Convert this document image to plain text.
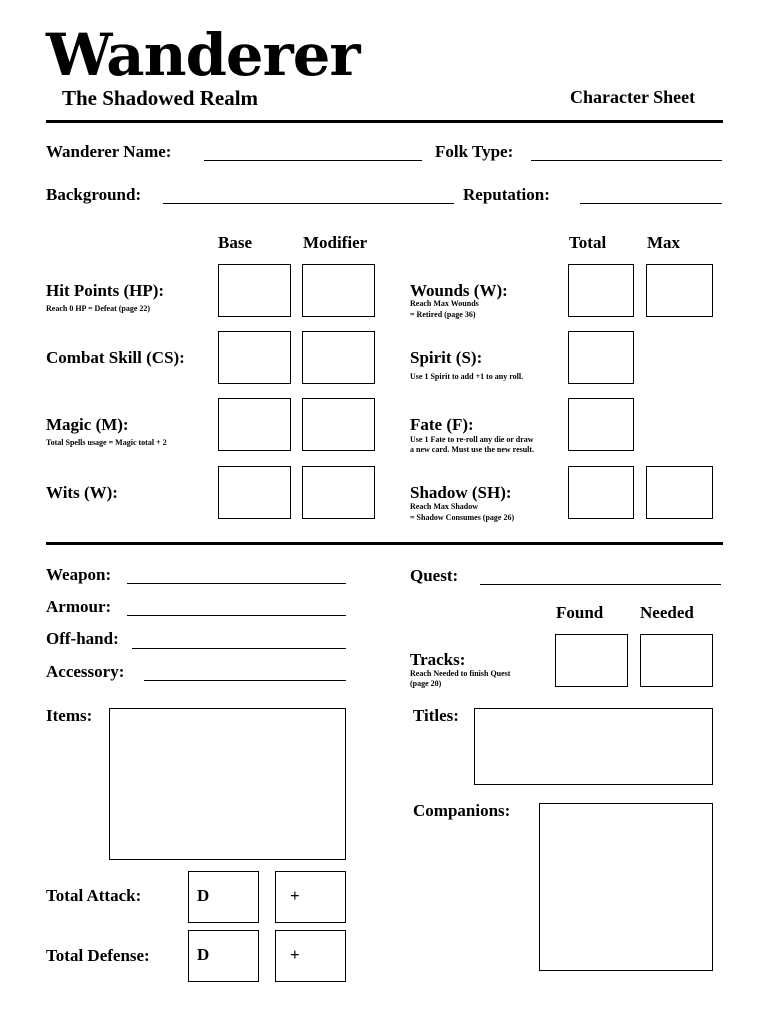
Wanderer
The Shadowed Realm	Character Sheet
Wanderer Name:	Folk Type:
Background:	Reputation:
Base	Modifier	Total Max
Hit Points (HP):
Reach 0 HP = Defeat (page 22)
Combat Skill (CS):
Magic (M):
Total Spells usage = Magic total + 2
Wits (W):
Wounds (W):
Reach Max Wounds
= Retired (page 36)
Spirit (S):
Use 1 Spirit to add +1 to any roll.
Fate (F):
Use 1 Fate to re-roll any die or draw
a new card. Must use the new result.
Shadow (SH):
Reach Max Shadow
= Shadow Consumes (page 26)
Weapon:
Armour:
Off-hand:
Accessory:
Items:
Quest:
Found Needed
Tracks:
Reach Needed to finish Quest
(page 20)
Titles:
Companions:
Total Attack:	D	+
Total Defense:	D	+
